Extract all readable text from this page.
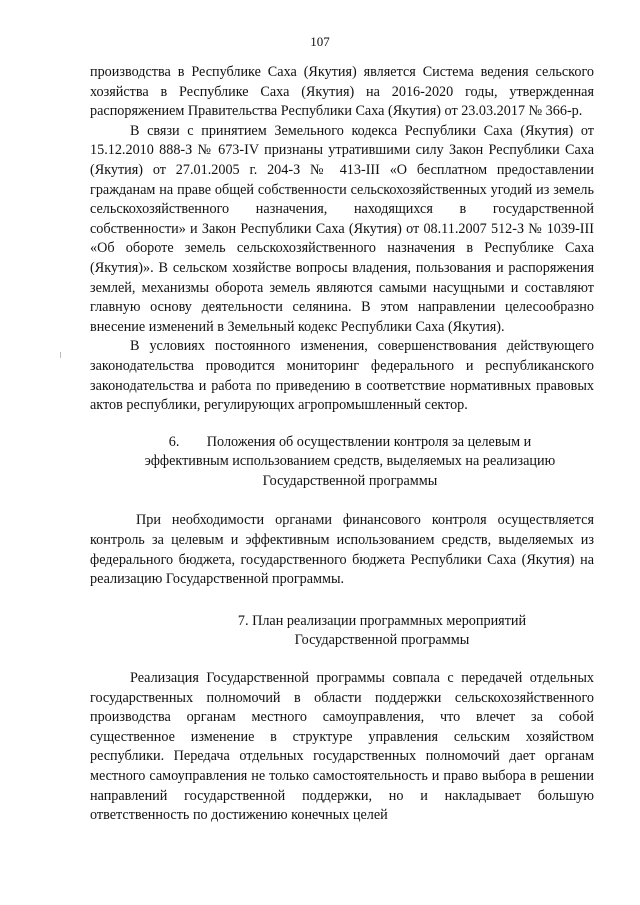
107

производства в Республике Саха (Якутия) является Система ведения сельского хозяйства в Республике Саха (Якутия) на 2016-2020 годы, утвержденная распоряжением Правительства Республики Саха (Якутия) от 23.03.2017 № 366-р.

В связи с принятием Земельного кодекса Республики Саха (Якутия) от 15.12.2010 888-З № 673-IV признаны утратившими силу Закон Республики Саха (Якутия) от 27.01.2005 г. 204-З № 413-III «О бесплатном предоставлении гражданам на праве общей собственности сельскохозяйственных угодий из земель сельскохозяйственного назначения, находящихся в государственной собственности» и Закон Республики Саха (Якутия) от 08.11.2007 512-З № 1039-III «Об обороте земель сельскохозяйственного назначения в Республике Саха (Якутия)». В сельском хозяйстве вопросы владения, пользования и распоряжения землей, механизмы оборота земель являются самыми насущными и составляют главную основу деятельности селянина. В этом направлении целесообразно внесение изменений в Земельный кодекс Республики Саха (Якутия).

В условиях постоянного изменения, совершенствования действующего законодательства проводится мониторинг федерального и республиканского законодательства и работа по приведению в соответствие нормативных правовых актов республики, регулирующих агропромышленный сектор.

6. Положения об осуществлении контроля за целевым и
эффективным использованием средств, выделяемых на реализацию
Государственной программы

При необходимости органами финансового контроля осуществляется контроль за целевым и эффективным использованием средств, выделяемых из федерального бюджета, государственного бюджета Республики Саха (Якутия) на реализацию Государственной программы.

7. План реализации программных мероприятий
Государственной программы

Реализация Государственной программы совпала с передачей отдельных государственных полномочий в области поддержки сельскохозяйственного производства органам местного самоуправления, что влечет за собой существенное изменение в структуре управления сельским хозяйством республики. Передача отдельных государственных полномочий дает органам местного самоуправления не только самостоятельность и право выбора в решении направлений государственной поддержки, но и накладывает большую ответственность по достижению конечных целей
